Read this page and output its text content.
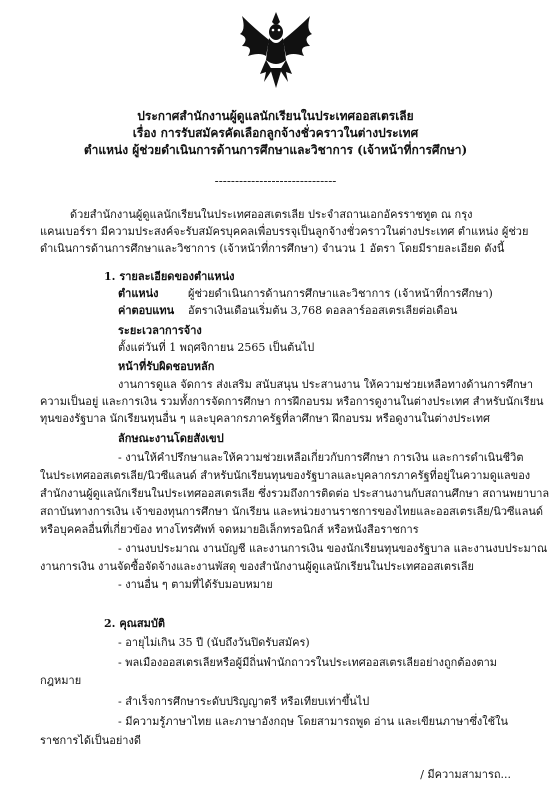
ประกาศสำนักงานผู้ดูแลนักเรียนในประเทศออสเตรเลีย
เรื่อง การรับสมัครคัดเลือกลูกจ้างชั่วคราวในต่างประเทศ
ตำแหน่ง ผู้ช่วยดำเนินการด้านการศึกษาและวิชาการ (เจ้าหน้าที่การศึกษา)
------------------------------
ด้วยสำนักงานผู้ดูแลนักเรียนในประเทศออสเตรเลีย ประจำสถานเอกอัครราชทูต ณ กรุง
แคนเบอร์รา มีความประสงค์จะรับสมัครบุคคลเพื่อบรรจุเป็นลูกจ้างชั่วคราวในต่างประเทศ ตำแหน่ง ผู้ช่วย
ดำเนินการด้านการศึกษาและวิชาการ (เจ้าหน้าที่การศึกษา) จำนวน 1 อัตรา โดยมีรายละเอียด ดังนี้
1. รายละเอียดของตำแหน่ง
ตำแหน่ง	ผู้ช่วยดำเนินการด้านการศึกษาและวิชาการ (เจ้าหน้าที่การศึกษา)
ค่าตอบแทน อัตราเงินเดือนเริ่มต้น 3,768 ดอลลาร์ออสเตรเลียต่อเดือน
ระยะเวลาการจ้าง
ตั้งแต่วันที่ 1 พฤศจิกายน 2565 เป็นต้นไป
หน้าที่รับผิดชอบหลัก
งานการดูแล จัดการ ส่งเสริม สนับสนุน ประสานงาน ให้ความช่วยเหลือทางด้านการศึกษา
ความเป็นอยู่ และการเงิน รวมทั้งการจัดการศึกษา การฝึกอบรม หรือการดูงานในต่างประเทศ สำหรับนักเรียน
ทุนของรัฐบาล นักเรียนทุนอื่น ๆ และบุคลากรภาครัฐที่ลาศึกษา ฝึกอบรม หรือดูงานในต่างประเทศ
ลักษณะงานโดยสังเขป
- งานให้คำปรึกษาและให้ความช่วยเหลือเกี่ยวกับการศึกษา การเงิน และการดำเนินชีวิต
ในประเทศออสเตรเลีย/นิวซีแลนด์ สำหรับนักเรียนทุนของรัฐบาลและบุคลากรภาครัฐที่อยู่ในความดูแลของ
สำนักงานผู้ดูแลนักเรียนในประเทศออสเตรเลีย ซึ่งรวมถึงการติดต่อ ประสานงานกับสถานศึกษา สถานพยาบาล
สถาบันทางการเงิน เจ้าของทุนการศึกษา นักเรียน และหน่วยงานราชการของไทยและออสเตรเลีย/นิวซีแลนด์
หรือบุคคลอื่นที่เกี่ยวข้อง ทางโทรศัพท์ จดหมายอิเล็กทรอนิกส์ หรือหนังสือราชการ
- งานงบประมาณ งานบัญชี และงานการเงิน ของนักเรียนทุนของรัฐบาล และงานงบประมาณ
งานการเงิน งานจัดซื้อจัดจ้างและงานพัสดุ ของสำนักงานผู้ดูแลนักเรียนในประเทศออสเตรเลีย
- งานอื่น ๆ ตามที่ได้รับมอบหมาย
2. คุณสมบัติ
- อายุไม่เกิน 35 ปี (นับถึงวันปิดรับสมัคร)
- พลเมืองออสเตรเลียหรือผู้มีถิ่นพำนักถาวรในประเทศออสเตรเลียอย่างถูกต้องตาม
กฎหมาย
- สำเร็จการศึกษาระดับปริญญาตรี หรือเทียบเท่าขึ้นไป
- มีความรู้ภาษาไทย และภาษาอังกฤษ โดยสามารถพูด อ่าน และเขียนภาษาซึ่งใช้ใน
ราชการได้เป็นอย่างดี
/ มีความสามารถ...
